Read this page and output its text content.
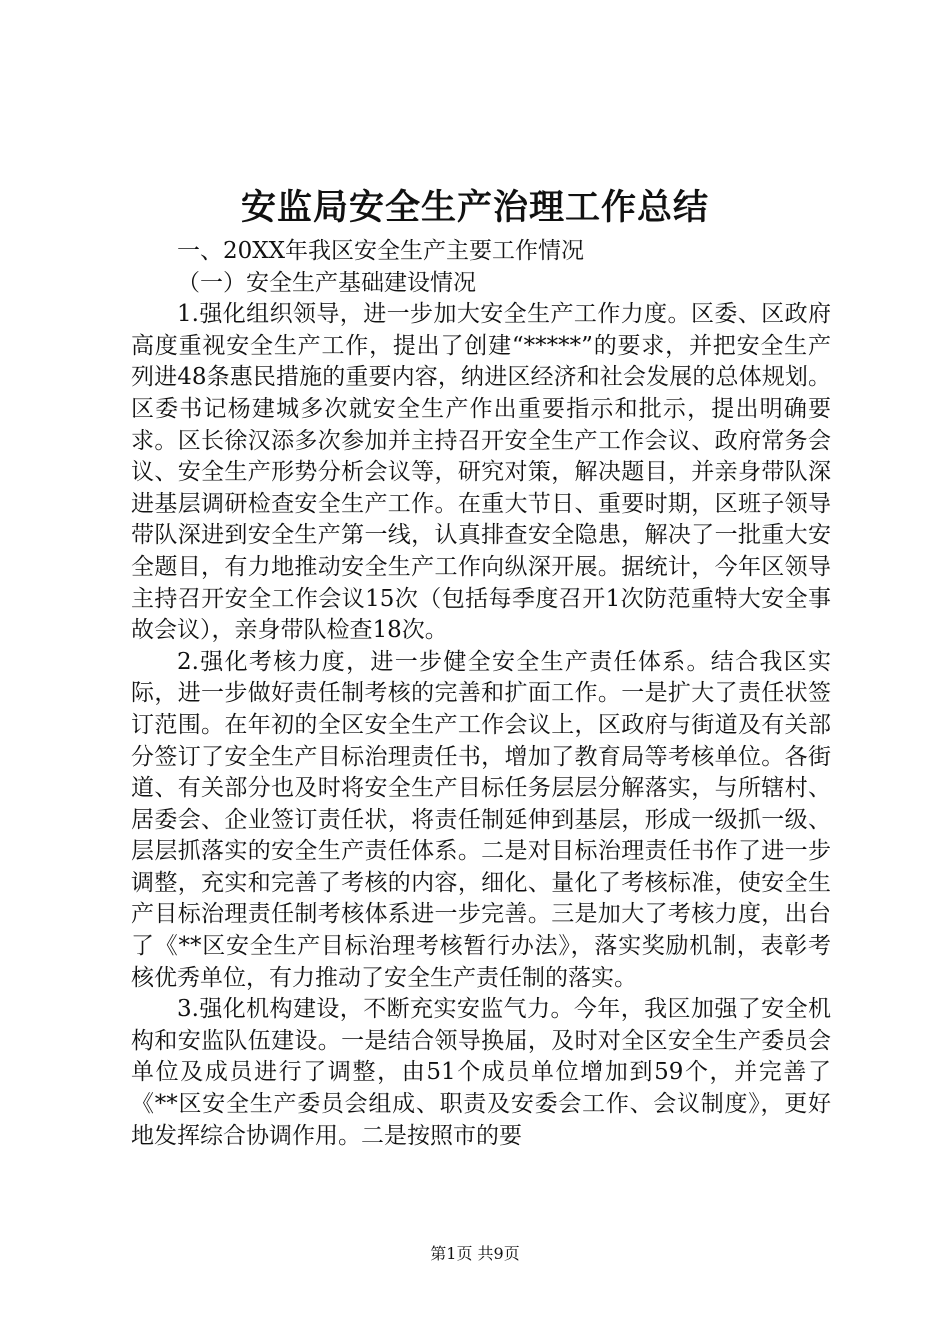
安监局安全生产治理工作总结

一、20XX年我区安全生产主要工作情况

（一）安全生产基础建设情况

1.强化组织领导，进一步加大安全生产工作力度。区委、区政府高度重视安全生产工作，提出了创建“*****”的要求，并把安全生产列进48条惠民措施的重要内容，纳进区经济和社会发展的总体规划。区委书记杨建城多次就安全生产作出重要指示和批示，提出明确要求。区长徐汉添多次参加并主持召开安全生产工作会议、政府常务会议、安全生产形势分析会议等，研究对策，解决题目，并亲身带队深进基层调研检查安全生产工作。在重大节日、重要时期，区班子领导带队深进到安全生产第一线，认真排查安全隐患，解决了一批重大安全题目，有力地推动安全生产工作向纵深开展。据统计，今年区领导主持召开安全工作会议15次（包括每季度召开1次防范重特大安全事故会议），亲身带队检查18次。

2.强化考核力度，进一步健全安全生产责任体系。结合我区实际，进一步做好责任制考核的完善和扩面工作。一是扩大了责任状签订范围。在年初的全区安全生产工作会议上，区政府与街道及有关部分签订了安全生产目标治理责任书，增加了教育局等考核单位。各街道、有关部分也及时将安全生产目标任务层层分解落实，与所辖村、居委会、企业签订责任状，将责任制延伸到基层，形成一级抓一级、层层抓落实的安全生产责任体系。二是对目标治理责任书作了进一步调整，充实和完善了考核的内容，细化、量化了考核标准，使安全生产目标治理责任制考核体系进一步完善。三是加大了考核力度，出台了《**区安全生产目标治理考核暂行办法》，落实奖励机制，表彰考核优秀单位，有力推动了安全生产责任制的落实。

3.强化机构建设，不断充实安监气力。今年，我区加强了安全机构和安监队伍建设。一是结合领导换届，及时对全区安全生产委员会单位及成员进行了调整，由51个成员单位增加到59个，并完善了《**区安全生产委员会组成、职责及安委会工作、会议制度》，更好地发挥综合协调作用。二是按照市的要

第1页 共9页
